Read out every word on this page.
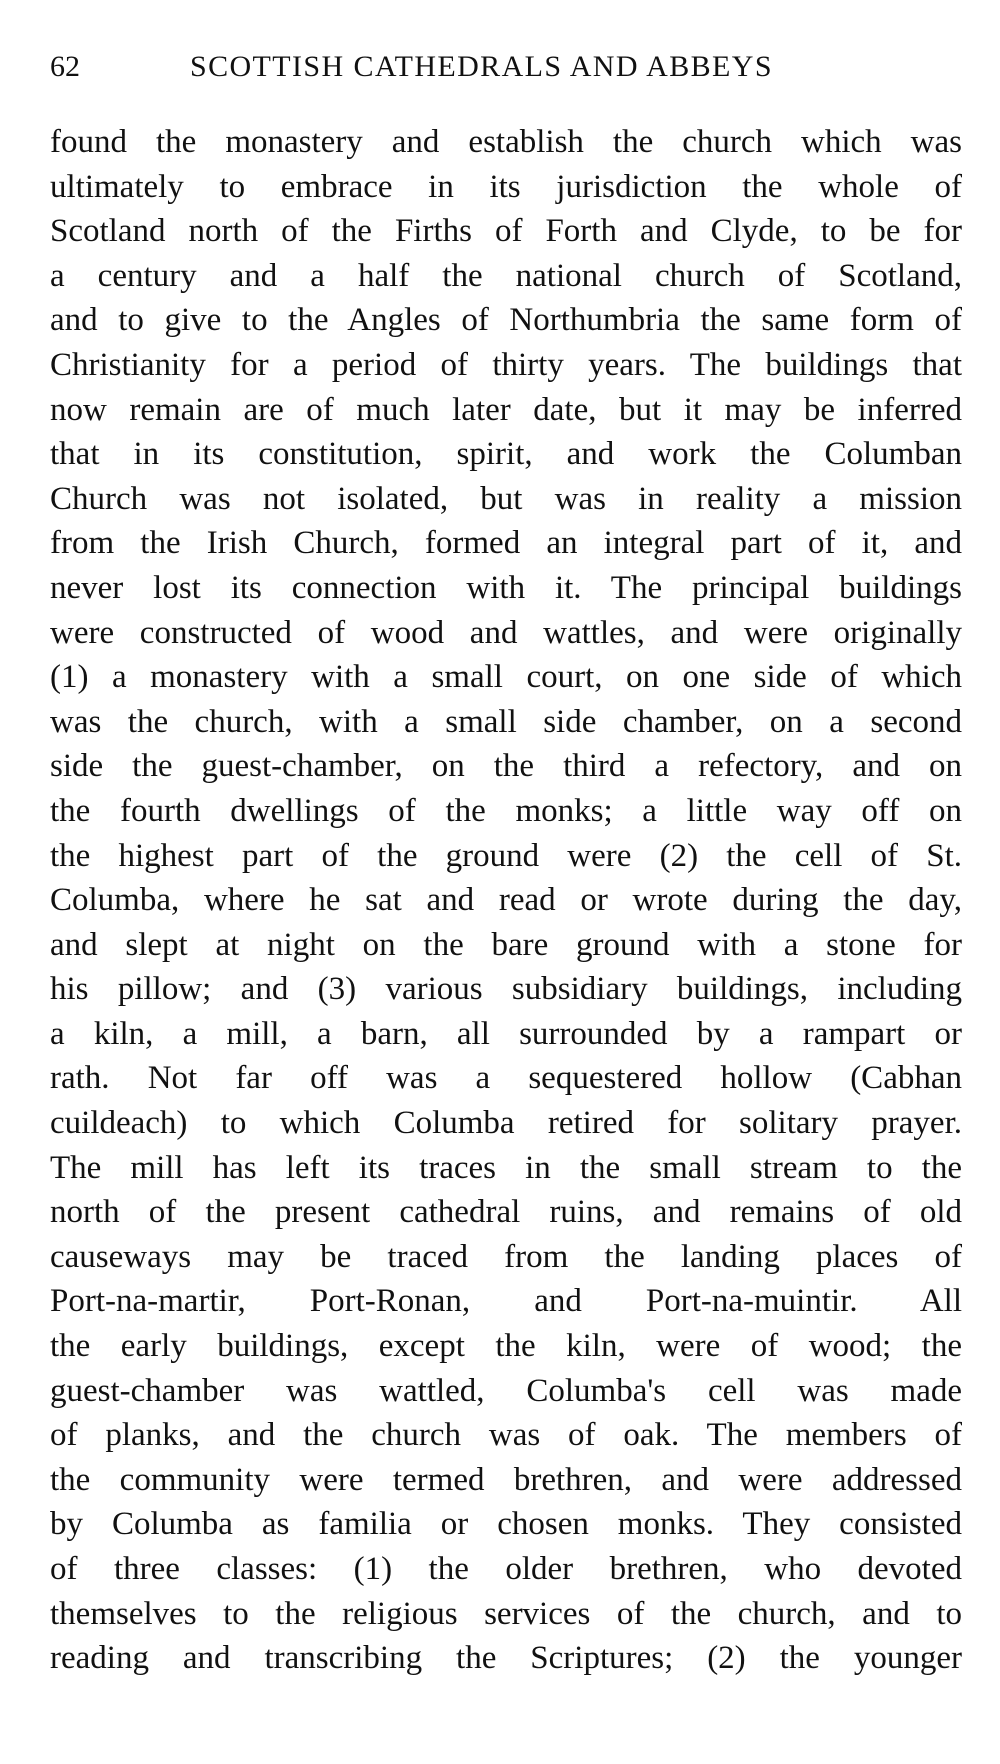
62	SCOTTISH CATHEDRALS AND ABBEYS
found the monastery and establish the church which was
ultimately to embrace in its jurisdiction the whole of
Scotland north of the Firths of Forth and Clyde, to be for
a century and a half the national church of Scotland,
and to give to the Angles of Northumbria the same form of
Christianity for a period of thirty years. The buildings that
now remain are of much later date, but it may be inferred
that in its constitution, spirit, and work the Columban
Church was not isolated, but was in reality a mission
from the Irish Church, formed an integral part of it, and
never lost its connection with it. The principal buildings
were constructed of wood and wattles, and were originally
(1) a monastery with a small court, on one side of which
was the church, with a small side chamber, on a second
side the guest-chamber, on the third a refectory, and on
the fourth dwellings of the monks; a little way off on
the highest part of the ground were (2) the cell of St.
Columba, where he sat and read or wrote during the day,
and slept at night on the bare ground with a stone for
his pillow; and (3) various subsidiary buildings, including
a kiln, a mill, a barn, all surrounded by a rampart or
rath. Not far off was a sequestered hollow (Cabhan
cuildeach) to which Columba retired for solitary prayer.
The mill has left its traces in the small stream to the
north of the present cathedral ruins, and remains of old
causeways may be traced from the landing places of
Port-na-martir, Port-Ronan, and Port-na-muintir. All
the early buildings, except the kiln, were of wood; the
guest-chamber was wattled, Columba's cell was made
of planks, and the church was of oak. The members of
the community were termed brethren, and were addressed
by Columba as familia or chosen monks. They consisted
of three classes: (1) the older brethren, who devoted
themselves to the religious services of the church, and to
reading and transcribing the Scriptures; (2) the younger
